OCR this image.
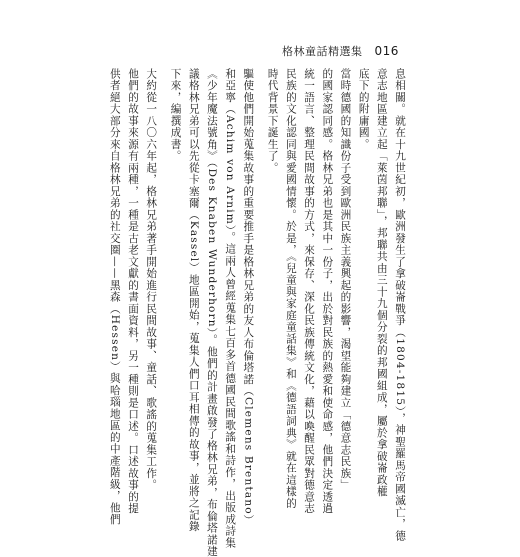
格林童話精選集 016
息相關。就在十九世紀初，歐洲發生了拿破崙戰爭（1804-1815），神聖羅馬帝國滅亡，德
意志地區建立起「萊茵邦聯」，邦聯共由三十九個分裂的邦國組成，屬於拿破崙政權
底下的附庸國。
當時德國的知識份子受到歐洲民族主義興起的影響，渴望能夠建立「德意志民族」
的國家認同感。格林兄弟也是其中一份子，出於對民族的熱愛和使命感，他們決定透過
統一語言、整理民間故事的方式，來保存、深化民族傳統文化，藉以喚醒民眾對德意志
民族的文化認同與愛國情懷。於是，《兒童與家庭童話集》和《德語詞典》就在這樣的
時代背景下誕生了。
驅使他們開始蒐集故事的重要推手是格林兄弟的友人布倫塔諾（Clemens Brentano）
和亞寧（Achim von Arnim）。這兩人曾經蒐集七百多首德國民間歌謠和詩作，出版成詩集
《少年魔法號角》（Des Knaben Wunderhorn）。他們的計畫啟發了格林兄弟，布倫塔諾建
議格林兄弟可以先從卡塞爾（Kassel）地區開始，蒐集人們口耳相傳的故事，並將之記錄
下來，編撰成書。
大約從一八〇六年起，格林兄弟著手開始進行民間故事、童話、歌謠的蒐集工作。
他們的故事來源有兩種，一種是古老文獻的書面資料，另一種則是口述。口述故事的提
供者絕大部分來自格林兄弟的社交圈——黑森（Hessen）與哈瑙地區的中產階級，他們
